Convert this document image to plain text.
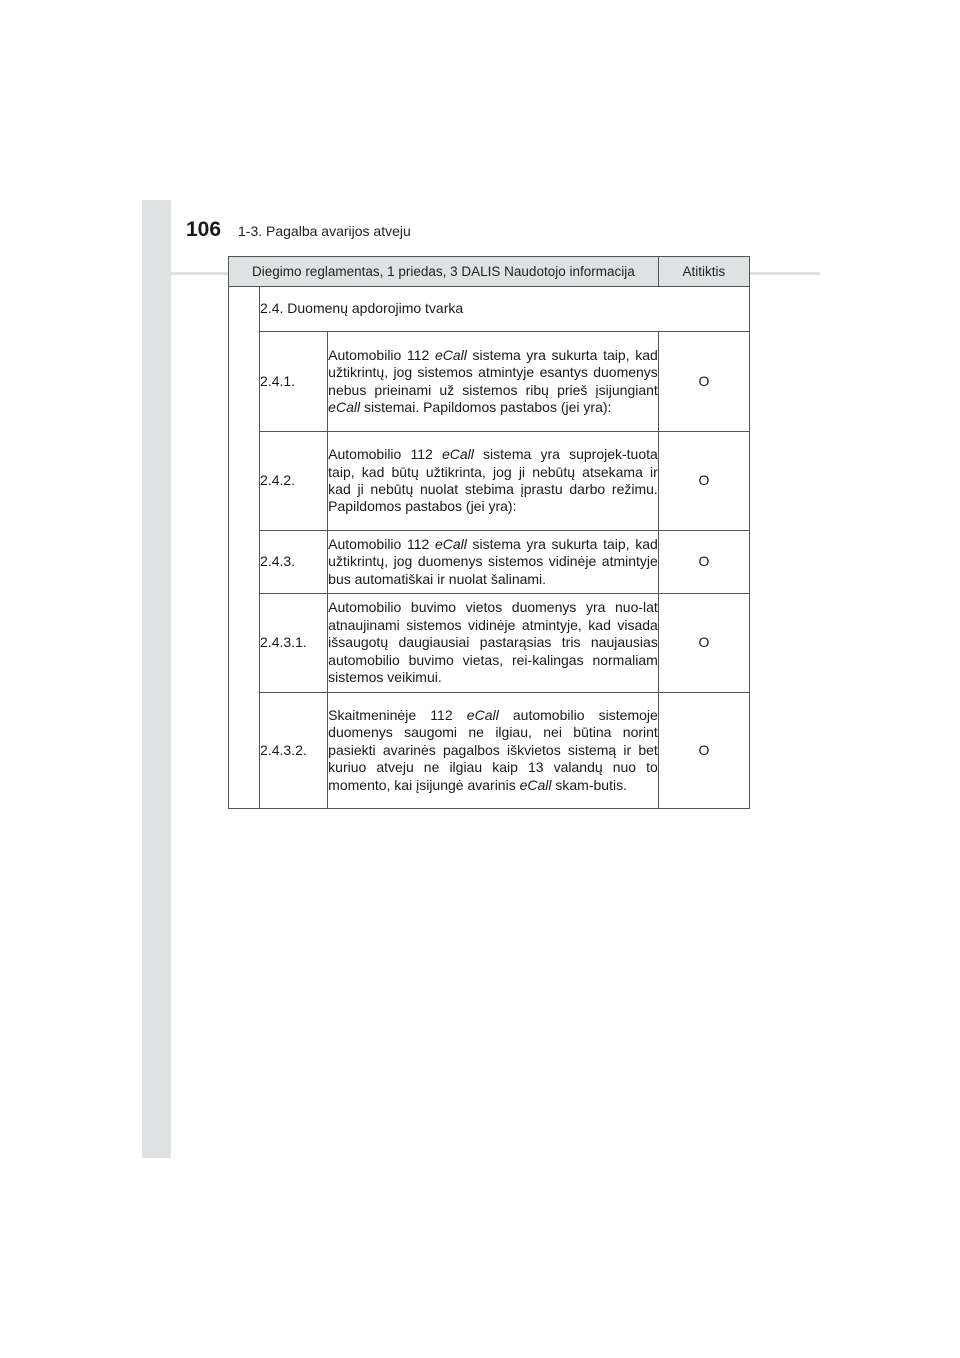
106 1-3. Pagalba avarijos atveju
Diegimo reglamentas, 1 priedas, 3 DALIS Naudotojo informacija			Atitiktis
	2.4. Duomenų apdorojimo tvarka		
	2.4.1.	Automobilio 112 eCall sistema yra sukurta taip, kad užtikrintų, jog sistemos atmintyje esantys duomenys nebus prieinami už sistemos ribų prieš įsijungiant eCall sistemai. Papildomos pastabos (jei yra):	O
	2.4.2.	Automobilio 112 eCall sistema yra suprojek-tuota taip, kad būtų užtikrinta, jog ji nebūtų atsekama ir kad ji nebūtų nuolat stebima įprastu darbo režimu. Papildomos pastabos (jei yra):	O
	2.4.3.	Automobilio 112 eCall sistema yra sukurta taip, kad užtikrintų, jog duomenys sistemos vidinėje atmintyje bus automatiškai ir nuolat šalinami.	O
	2.4.3.1.	Automobilio buvimo vietos duomenys yra nuo-lat atnaujinami sistemos vidinėje atmintyje, kad visada išsaugotų daugiausiai pastarąsias tris naujausias automobilio buvimo vietas, rei-kalingas normaliam sistemos veikimui.	O
	2.4.3.2.	Skaitmeninėje 112 eCall automobilio sistemoje duomenys saugomi ne ilgiau, nei būtina norint pasiekti avarinės pagalbos iškvietos sistemą ir bet kuriuo atveju ne ilgiau kaip 13 valandų nuo to momento, kai įsijungė avarinis eCall skam-butis.	O
